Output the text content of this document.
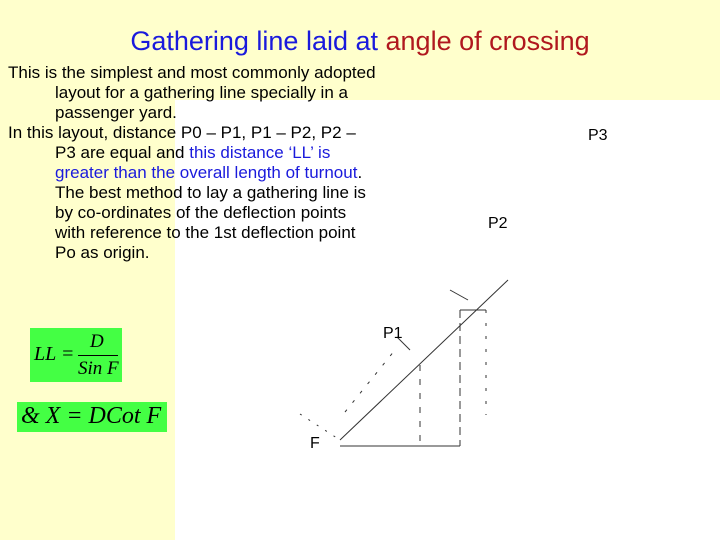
Gathering line laid at angle of crossing

This is the simplest and most commonly adopted layout for a gathering line specially in a passenger yard.

In this layout, distance P0 – P1, P1 – P2, P2 – P3 are equal and this distance ‘LL’ is greater than the overall length of turnout. The best method to lay a gathering line is by co-ordinates of the deflection points with reference to the 1st deflection point Po as origin.

LL =
D
Sin F
& X = DCot F
P2
P1
F
P3
